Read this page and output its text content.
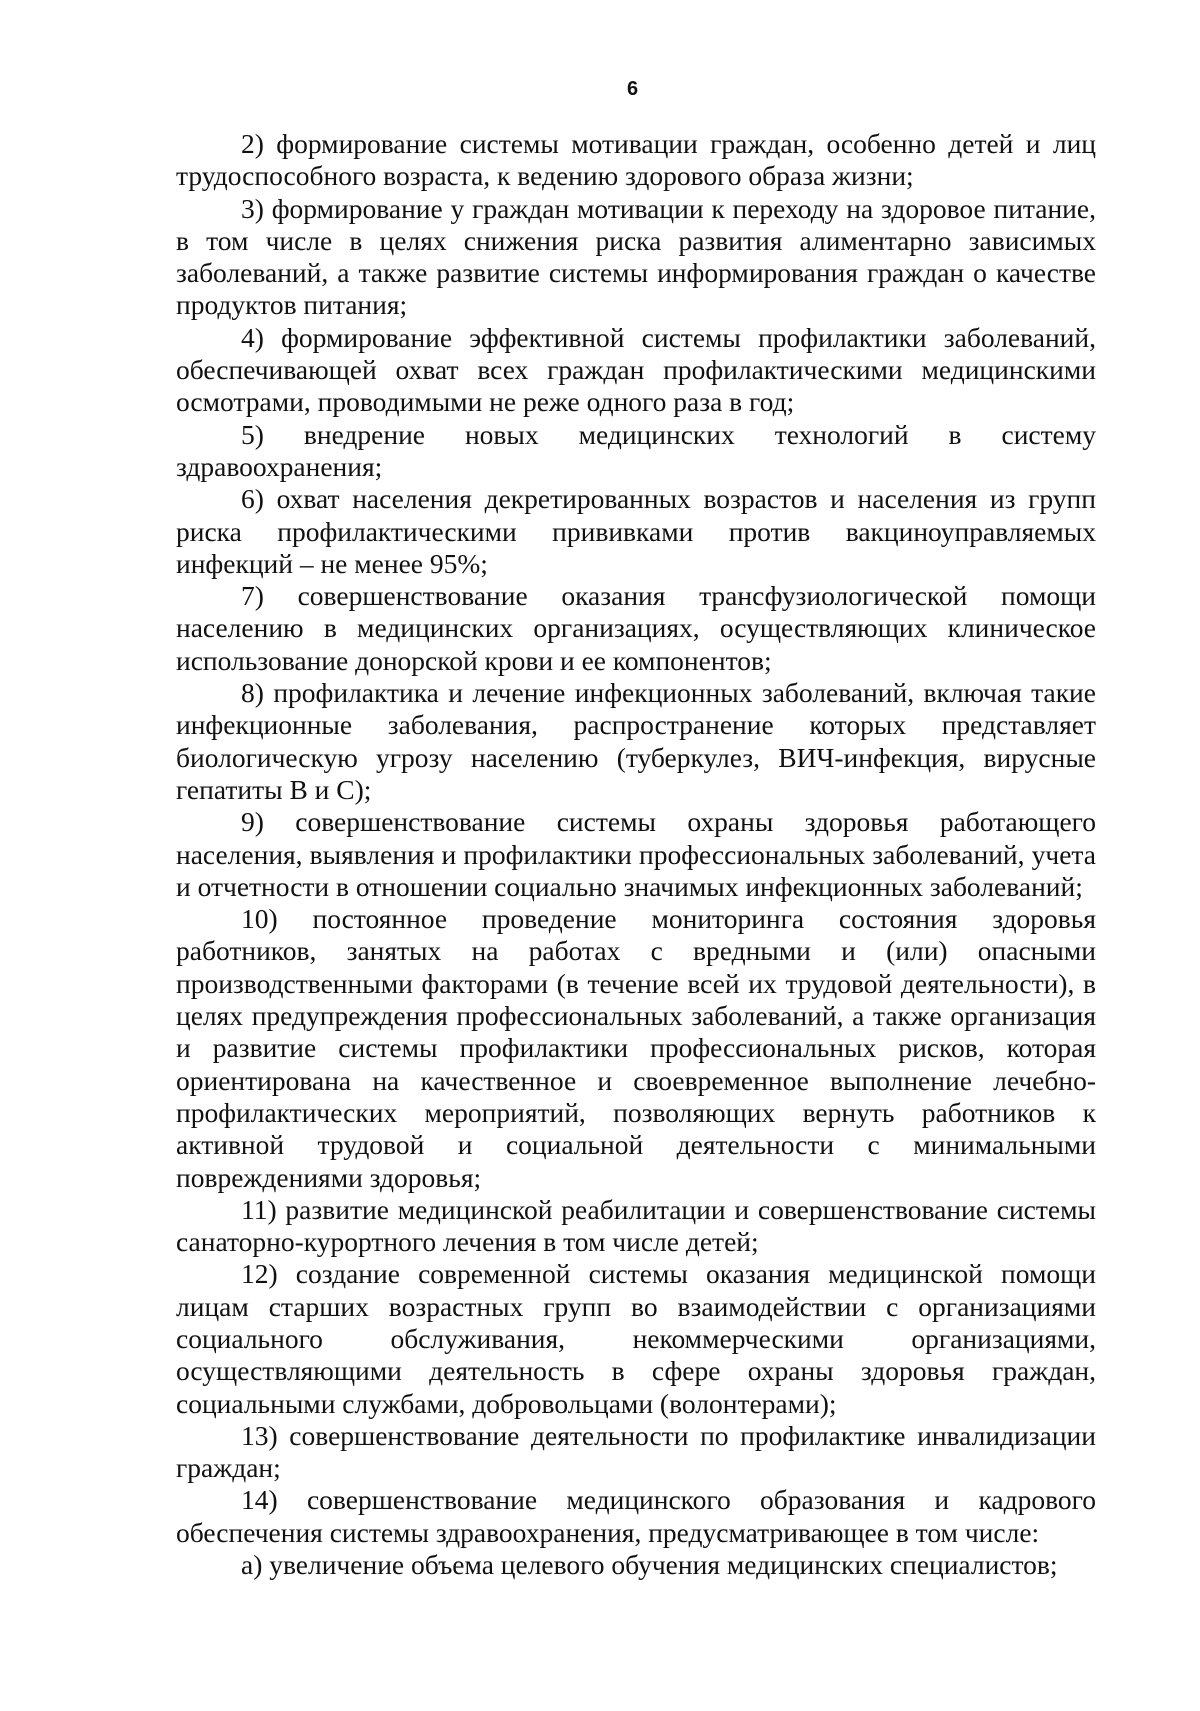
6

2) формирование системы мотивации граждан, особенно детей и лиц трудоспособного возраста, к ведению здорового образа жизни;

3) формирование у граждан мотивации к переходу на здоровое питание, в том числе в целях снижения риска развития алиментарно зависимых заболеваний, а также развитие системы информирования граждан о качестве продуктов питания;

4) формирование эффективной системы профилактики заболеваний, обеспечивающей охват всех граждан профилактическими медицинскими осмотрами, проводимыми не реже одного раза в год;

5) внедрение новых медицинских технологий в систему здравоохранения;

6) охват населения декретированных возрастов и населения из групп риска профилактическими прививками против вакциноуправляемых инфекций – не менее 95%;

7) совершенствование оказания трансфузиологической помощи населению в медицинских организациях, осуществляющих клиническое использование донорской крови и ее компонентов;

8) профилактика и лечение инфекционных заболеваний, включая такие инфекционные заболевания, распространение которых представляет биологическую угрозу населению (туберкулез, ВИЧ-инфекция, вирусные гепатиты B и C);

9) совершенствование системы охраны здоровья работающего населения, выявления и профилактики профессиональных заболеваний, учета и отчетности в отношении социально значимых инфекционных заболеваний;

10) постоянное проведение мониторинга состояния здоровья работников, занятых на работах с вредными и (или) опасными производственными факторами (в течение всей их трудовой деятельности), в целях предупреждения профессиональных заболеваний, а также организация и развитие системы профилактики профессиональных рисков, которая ориентирована на качественное и своевременное выполнение лечебно-профилактических мероприятий, позволяющих вернуть работников к активной трудовой и социальной деятельности с минимальными повреждениями здоровья;

11) развитие медицинской реабилитации и совершенствование системы санаторно-курортного лечения в том числе детей;

12) создание современной системы оказания медицинской помощи лицам старших возрастных групп во взаимодействии с организациями социального обслуживания, некоммерческими организациями, осуществляющими деятельность в сфере охраны здоровья граждан, социальными службами, добровольцами (волонтерами);

13) совершенствование деятельности по профилактике инвалидизации граждан;

14) совершенствование медицинского образования и кадрового обеспечения системы здравоохранения, предусматривающее в том числе:

а) увеличение объема целевого обучения медицинских специалистов;
